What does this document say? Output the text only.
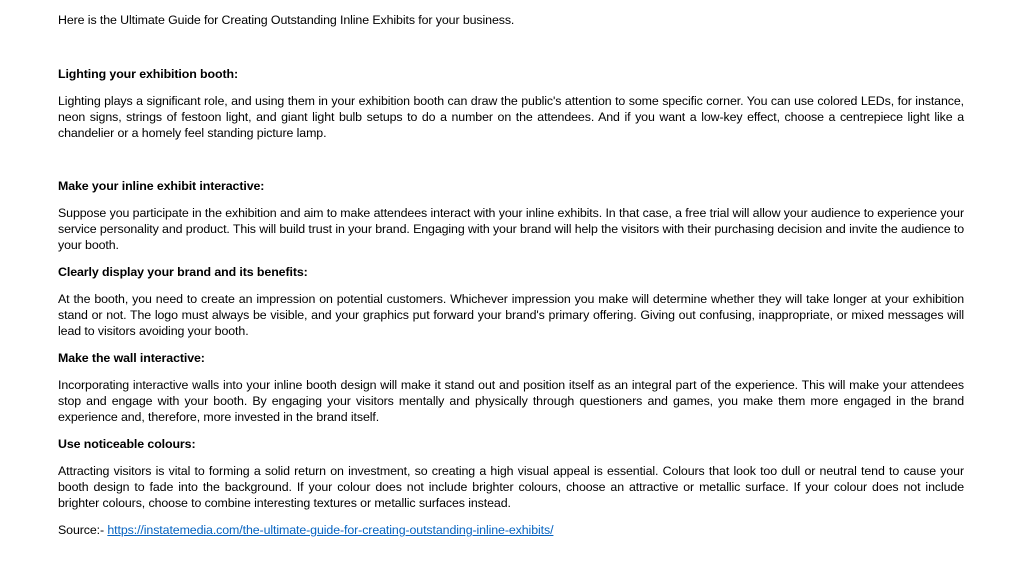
Here is the Ultimate Guide for Creating Outstanding Inline Exhibits for your business.

Lighting your exhibition booth:

Lighting plays a significant role, and using them in your exhibition booth can draw the public's attention to some specific corner. You can use colored LEDs, for instance, neon signs, strings of festoon light, and giant light bulb setups to do a number on the attendees. And if you want a low-key effect, choose a centrepiece light like a chandelier or a homely feel standing picture lamp.

Make your inline exhibit interactive:

Suppose you participate in the exhibition and aim to make attendees interact with your inline exhibits. In that case, a free trial will allow your audience to experience your service personality and product. This will build trust in your brand. Engaging with your brand will help the visitors with their purchasing decision and invite the audience to your booth.

Clearly display your brand and its benefits:

At the booth, you need to create an impression on potential customers. Whichever impression you make will determine whether they will take longer at your exhibition stand or not. The logo must always be visible, and your graphics put forward your brand's primary offering. Giving out confusing, inappropriate, or mixed messages will lead to visitors avoiding your booth.

Make the wall interactive:

Incorporating interactive walls into your inline booth design will make it stand out and position itself as an integral part of the experience. This will make your attendees stop and engage with your booth. By engaging your visitors mentally and physically through questioners and games, you make them more engaged in the brand experience and, therefore, more invested in the brand itself.

Use noticeable colours:

Attracting visitors is vital to forming a solid return on investment, so creating a high visual appeal is essential. Colours that look too dull or neutral tend to cause your booth design to fade into the background. If your colour does not include brighter colours, choose an attractive or metallic surface. If your colour does not include brighter colours, choose to combine interesting textures or metallic surfaces instead.

Source:- https://instatemedia.com/the-ultimate-guide-for-creating-outstanding-inline-exhibits/
